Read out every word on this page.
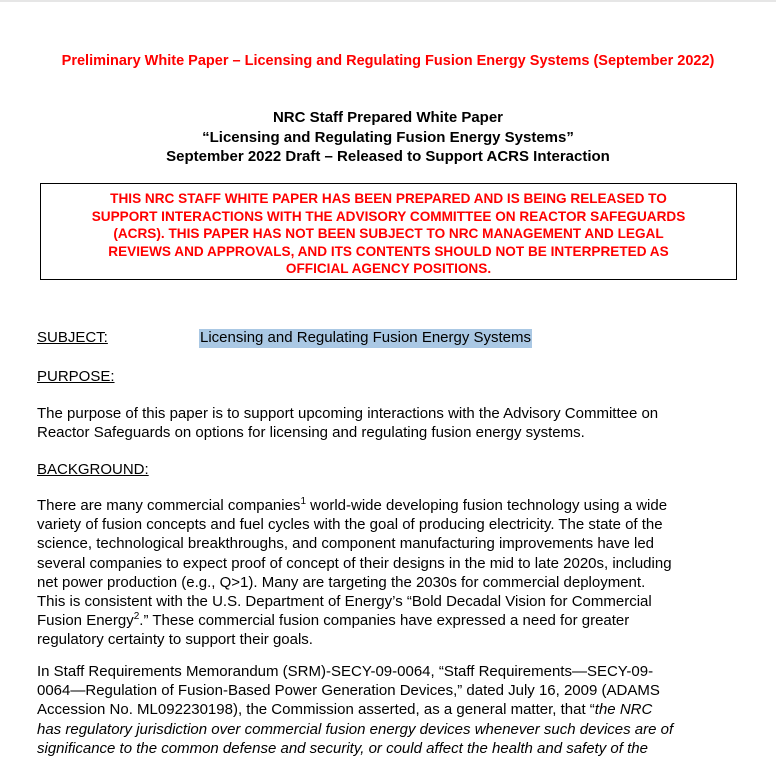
Preliminary White Paper – Licensing and Regulating Fusion Energy Systems (September 2022)
NRC Staff Prepared White Paper
“Licensing and Regulating Fusion Energy Systems”
September 2022 Draft – Released to Support ACRS Interaction
THIS NRC STAFF WHITE PAPER HAS BEEN PREPARED AND IS BEING RELEASED TO
SUPPORT INTERACTIONS WITH THE ADVISORY COMMITTEE ON REACTOR SAFEGUARDS
(ACRS). THIS PAPER HAS NOT BEEN SUBJECT TO NRC MANAGEMENT AND LEGAL
REVIEWS AND APPROVALS, AND ITS CONTENTS SHOULD NOT BE INTERPRETED AS
OFFICIAL AGENCY POSITIONS.
SUBJECT:	Licensing and Regulating Fusion Energy Systems
PURPOSE:
The purpose of this paper is to support upcoming interactions with the Advisory Committee on
Reactor Safeguards on options for licensing and regulating fusion energy systems.
BACKGROUND:
There are many commercial companies$^1$ world-wide developing fusion technology using a wide
variety of fusion concepts and fuel cycles with the goal of producing electricity. The state of the
science, technological breakthroughs, and component manufacturing improvements have led
several companies to expect proof of concept of their designs in the mid to late 2020s, including
net power production (e.g., Q>1). Many are targeting the 2030s for commercial deployment.
This is consistent with the U.S. Department of Energy’s “Bold Decadal Vision for Commercial
Fusion Energy$^2$.” These commercial fusion companies have expressed a need for greater
regulatory certainty to support their goals.
In Staff Requirements Memorandum (SRM)-SECY-09-0064, “Staff Requirements—SECY-09-
0064—Regulation of Fusion-Based Power Generation Devices,” dated July 16, 2009 (ADAMS
Accession No. ML092230198), the Commission asserted, as a general matter, that “the NRC
has regulatory jurisdiction over commercial fusion energy devices whenever such devices are of
significance to the common defense and security, or could affect the health and safety of the
